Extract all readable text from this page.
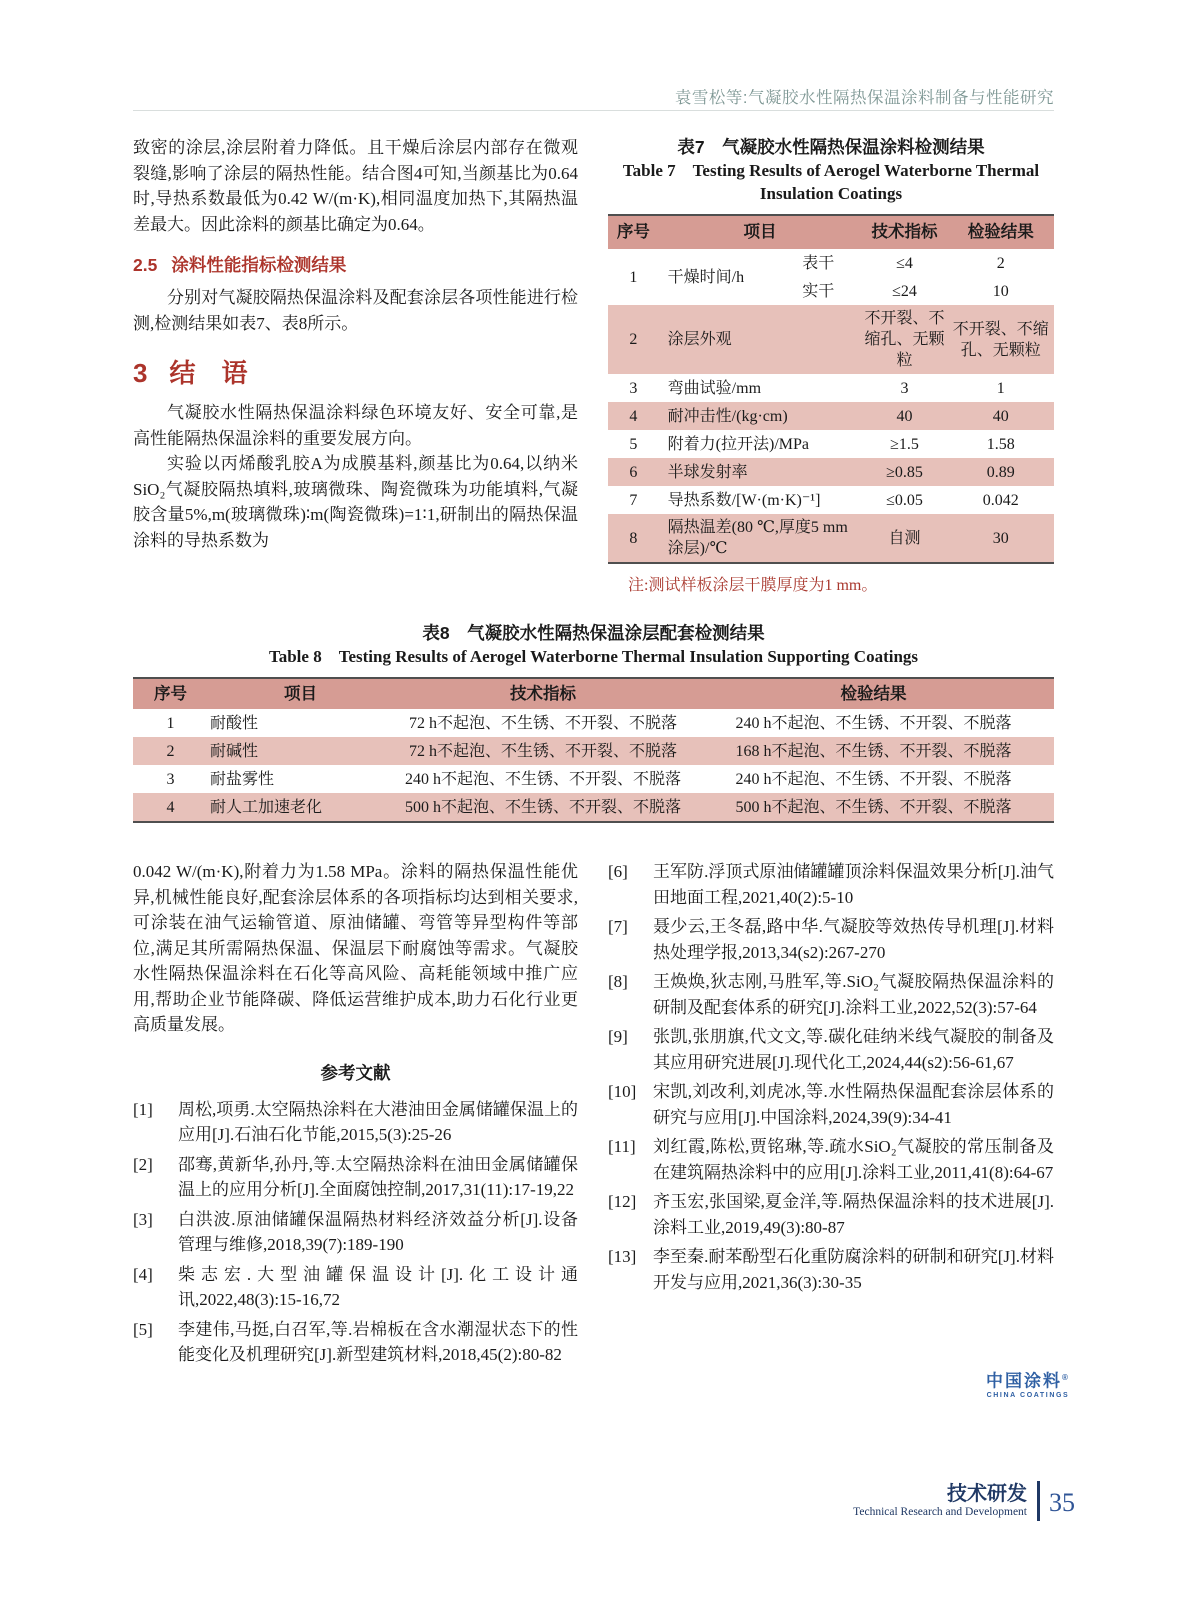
袁雪松等:气凝胶水性隔热保温涂料制备与性能研究

致密的涂层,涂层附着力降低。且干燥后涂层内部存在微观裂缝,影响了涂层的隔热性能。结合图4可知,当颜基比为0.64时,导热系数最低为0.42 W/(m·K),相同温度加热下,其隔热温差最大。因此涂料的颜基比确定为0.64。

2.5 涂料性能指标检测结果

分别对气凝胶隔热保温涂料及配套涂层各项性能进行检测,检测结果如表7、表8所示。

3 结　语

气凝胶水性隔热保温涂料绿色环境友好、安全可靠,是高性能隔热保温涂料的重要发展方向。

实验以丙烯酸乳胶A为成膜基料,颜基比为0.64,以纳米SiO₂气凝胶隔热填料,玻璃微珠、陶瓷微珠为功能填料,气凝胶含量5%,m(玻璃微珠)∶m(陶瓷微珠)=1∶1,研制出的隔热保温涂料的导热系数为

表7　气凝胶水性隔热保温涂料检测结果
Table 7　Testing Results of Aerogel Waterborne Thermal
Insulation Coatings
序号	项目		技术指标	检验结果
1	干燥时间/h	表干	≤4	2
		实干	≤24	10
2	涂层外观		不开裂、不缩孔、无颗粒	不开裂、不缩孔、无颗粒
3	弯曲试验/mm		3	1
4	耐冲击性/(kg·cm)		40	40
5	附着力(拉开法)/MPa		≥1.5	1.58
6	半球发射率		≥0.85	0.89
7	导热系数/[W·(m·K)⁻¹]		≤0.05	0.042
8	隔热温差(80 ℃,厚度5 mm涂层)/℃		自测	30
注:测试样板涂层干膜厚度为1 mm。
表8　气凝胶水性隔热保温涂层配套检测结果
Table 8　Testing Results of Aerogel Waterborne Thermal Insulation Supporting Coatings
序号	项目	技术指标	检验结果
1	耐酸性	72 h不起泡、不生锈、不开裂、不脱落	240 h不起泡、不生锈、不开裂、不脱落
2	耐碱性	72 h不起泡、不生锈、不开裂、不脱落	168 h不起泡、不生锈、不开裂、不脱落
3	耐盐雾性	240 h不起泡、不生锈、不开裂、不脱落	240 h不起泡、不生锈、不开裂、不脱落
4	耐人工加速老化	500 h不起泡、不生锈、不开裂、不脱落	500 h不起泡、不生锈、不开裂、不脱落

0.042 W/(m·K),附着力为1.58 MPa。涂料的隔热保温性能优异,机械性能良好,配套涂层体系的各项指标均达到相关要求,可涂装在油气运输管道、原油储罐、弯管等异型构件等部位,满足其所需隔热保温、保温层下耐腐蚀等需求。气凝胶水性隔热保温涂料在石化等高风险、高耗能领域中推广应用,帮助企业节能降碳、降低运营维护成本,助力石化行业更高质量发展。

参考文献
[1]	周松,项勇.太空隔热涂料在大港油田金属储罐保温上的应用[J].石油石化节能,2015,5(3):25-26
[2]	邵骞,黄新华,孙丹,等.太空隔热涂料在油田金属储罐保温上的应用分析[J].全面腐蚀控制,2017,31(11):17-19,22
[3]	白洪波.原油储罐保温隔热材料经济效益分析[J].设备管理与维修,2018,39(7):189-190
[4]	柴志宏.大型油罐保温设计[J].化工设计通讯,2022,48(3):15-16,72
[5]	李建伟,马挺,白召军,等.岩棉板在含水潮湿状态下的性能变化及机理研究[J].新型建筑材料,2018,45(2):80-82
[6]	王军防.浮顶式原油储罐罐顶涂料保温效果分析[J].油气田地面工程,2021,40(2):5-10
[7]	聂少云,王冬磊,路中华.气凝胶等效热传导机理[J].材料热处理学报,2013,34(s2):267-270
[8]	王焕焕,狄志刚,马胜军,等.SiO₂气凝胶隔热保温涂料的研制及配套体系的研究[J].涂料工业,2022,52(3):57-64
[9]	张凯,张朋旗,代文文,等.碳化硅纳米线气凝胶的制备及其应用研究进展[J].现代化工,2024,44(s2):56-61,67
[10] 宋凯,刘改利,刘虎冰,等.水性隔热保温配套涂层体系的研究与应用[J].中国涂料,2024,39(9):34-41
[11]	刘红霞,陈松,贾铭琳,等.疏水SiO₂气凝胶的常压制备及在建筑隔热涂料中的应用[J].涂料工业,2011,41(8):64-67
[12] 齐玉宏,张国梁,夏金洋,等.隔热保温涂料的技术进展[J].涂料工业,2019,49(3):80-87
[13] 李至秦.耐苯酚型石化重防腐涂料的研制和研究[J].材料开发与应用,2021,36(3):30-35
中国涂料®
CHINA COATINGS
技术研发
Technical Research and Development 35
